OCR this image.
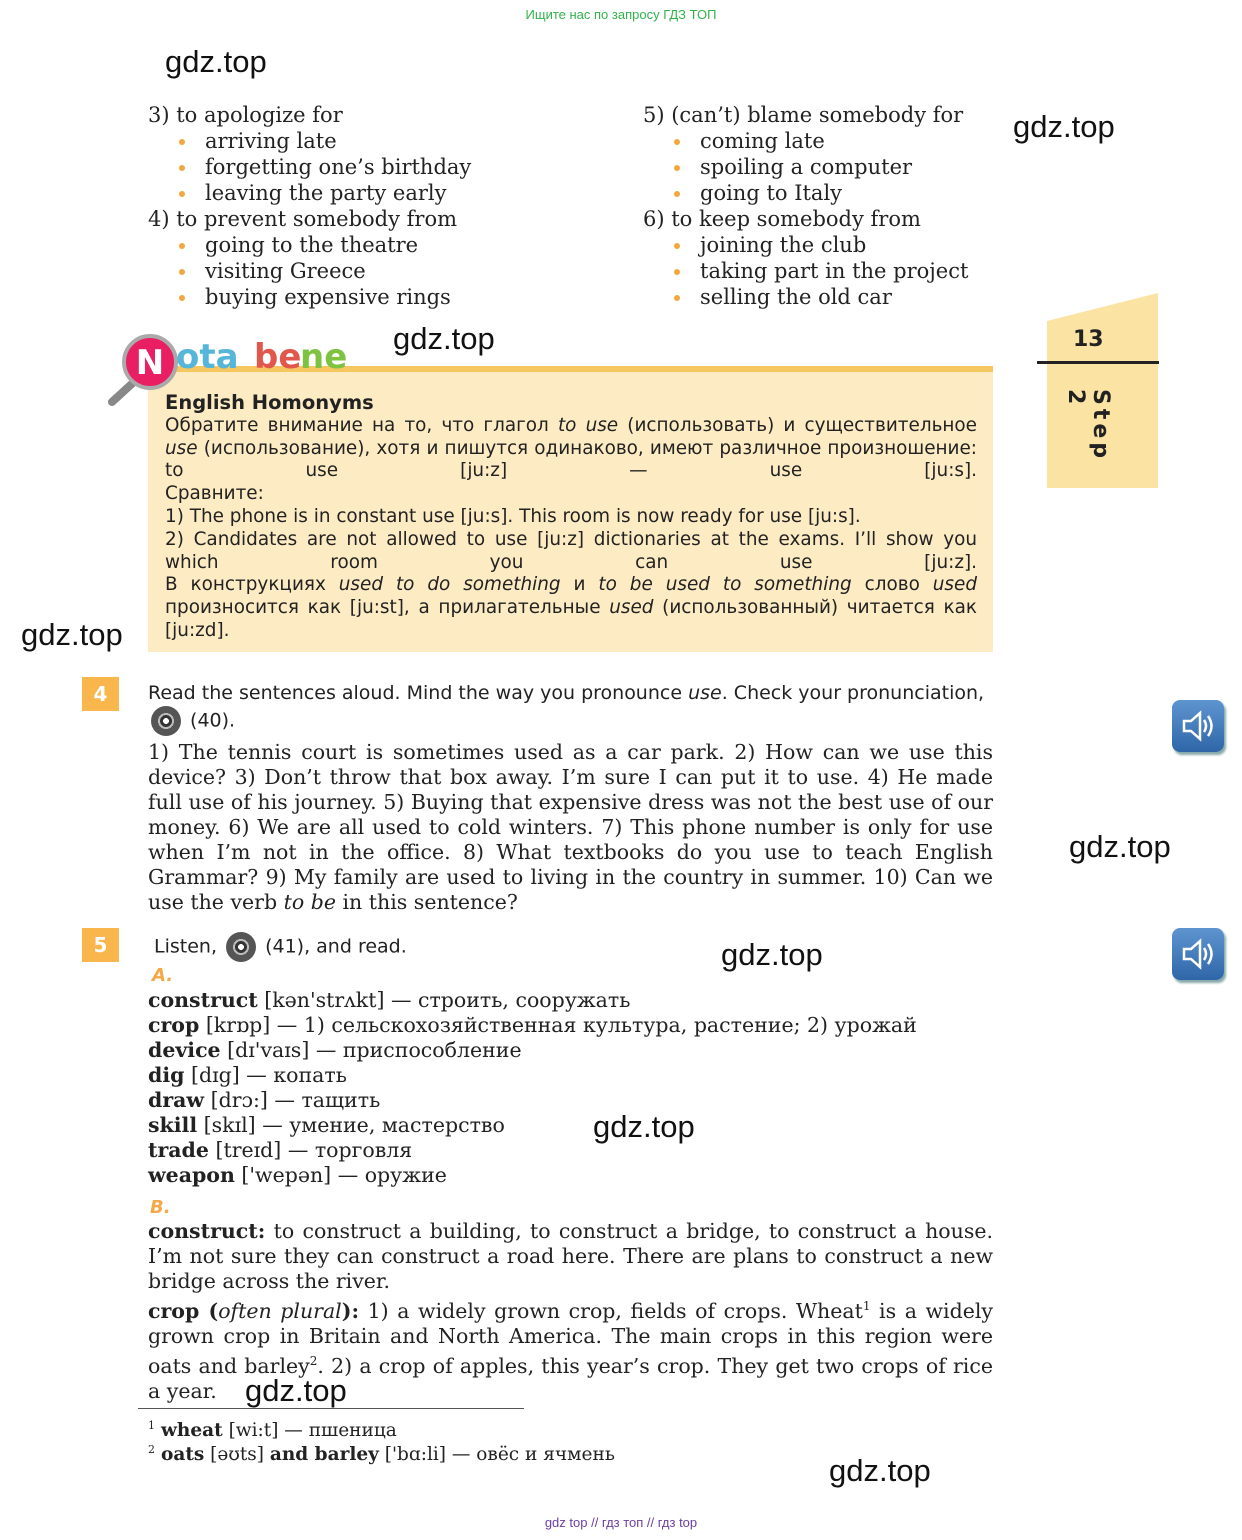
Ищите нас по запросу ГДЗ ТОП
gdz.top
gdz.top
gdz.top
gdz.top
gdz.top
gdz.top
gdz.top
gdz.top
gdz.top
13
Step 2
3) to apologize for
arriving late
forgetting one’s birthday
leaving the party early
4) to prevent somebody from
going to the theatre
visiting Greece
buying expensive rings
5) (can’t) blame somebody for
coming late
spoiling a computer
going to Italy
6) to keep somebody from
joining the club
taking part in the project
selling the old car
N ota be
ne

English Homonyms

Обратите внимание на то, что глагол to use (использовать) и существительное use (использование), хотя и пишутся одинаково, имеют различное произношение: to use [ju:z] — use [ju:s].

Сравните:

1) The phone is in constant use [ju:s]. This room is now ready for use [ju:s].

2) Candidates are not allowed to use [ju:z] dictionaries at the exams. I’ll show you which room you can use [ju:z].

В конструкциях used to do something и to be used to something слово used произносится как [ju:st], а прилагательные used (использованный) читается как [ju:zd].

4	Read the sentences aloud. Mind the way you pronounce use. Check your pronunciation,
(40).

1) The tennis court is sometimes used as a car park. 2) How can we use this device? 3) Don’t throw that box away. I’m sure I can put it to use. 4) He made full use of his journey. 5) Buying that expensive dress was not the best use of our money. 6) We are all used to cold winters. 7) This phone number is only for use when I’m not in the office. 8) What textbooks do you use to teach English Grammar? 9) My family are used to living in the country in summer. 10) Can we use the verb to be in this sentence?

5	Listen,	(41), and read.
A.
construct [kən'strʌkt] — строить, сооружать
crop [krɒp] — 1) сельскохозяйственная культура, растение; 2) урожай
device [dɪ'vaɪs] — приспособление
dig [dɪg] — копать
draw [drɔ:] — тащить
skill [skɪl] — умение, мастерство
trade [treɪd] — торговля
weapon ['wepən] — оружие
B.

construct: to construct a building, to construct a bridge, to construct a house. I’m not sure they can construct a road here. There are plans to construct a new bridge across the river.

crop (often plural): 1) a widely grown crop, fields of crops. Wheat$^1$ is a widely grown crop in Britain and North America. The main crops in this region were oats and barley$^2$. 2) a crop of apples, this year’s crop. They get two crops of rice a year.

$^1$ wheat [wi:t] — пшеница
$^2$ oats [əʊts] and barley ['bɑ:li] — овёс и ячмень
gdz top // гдз топ // гдз top
